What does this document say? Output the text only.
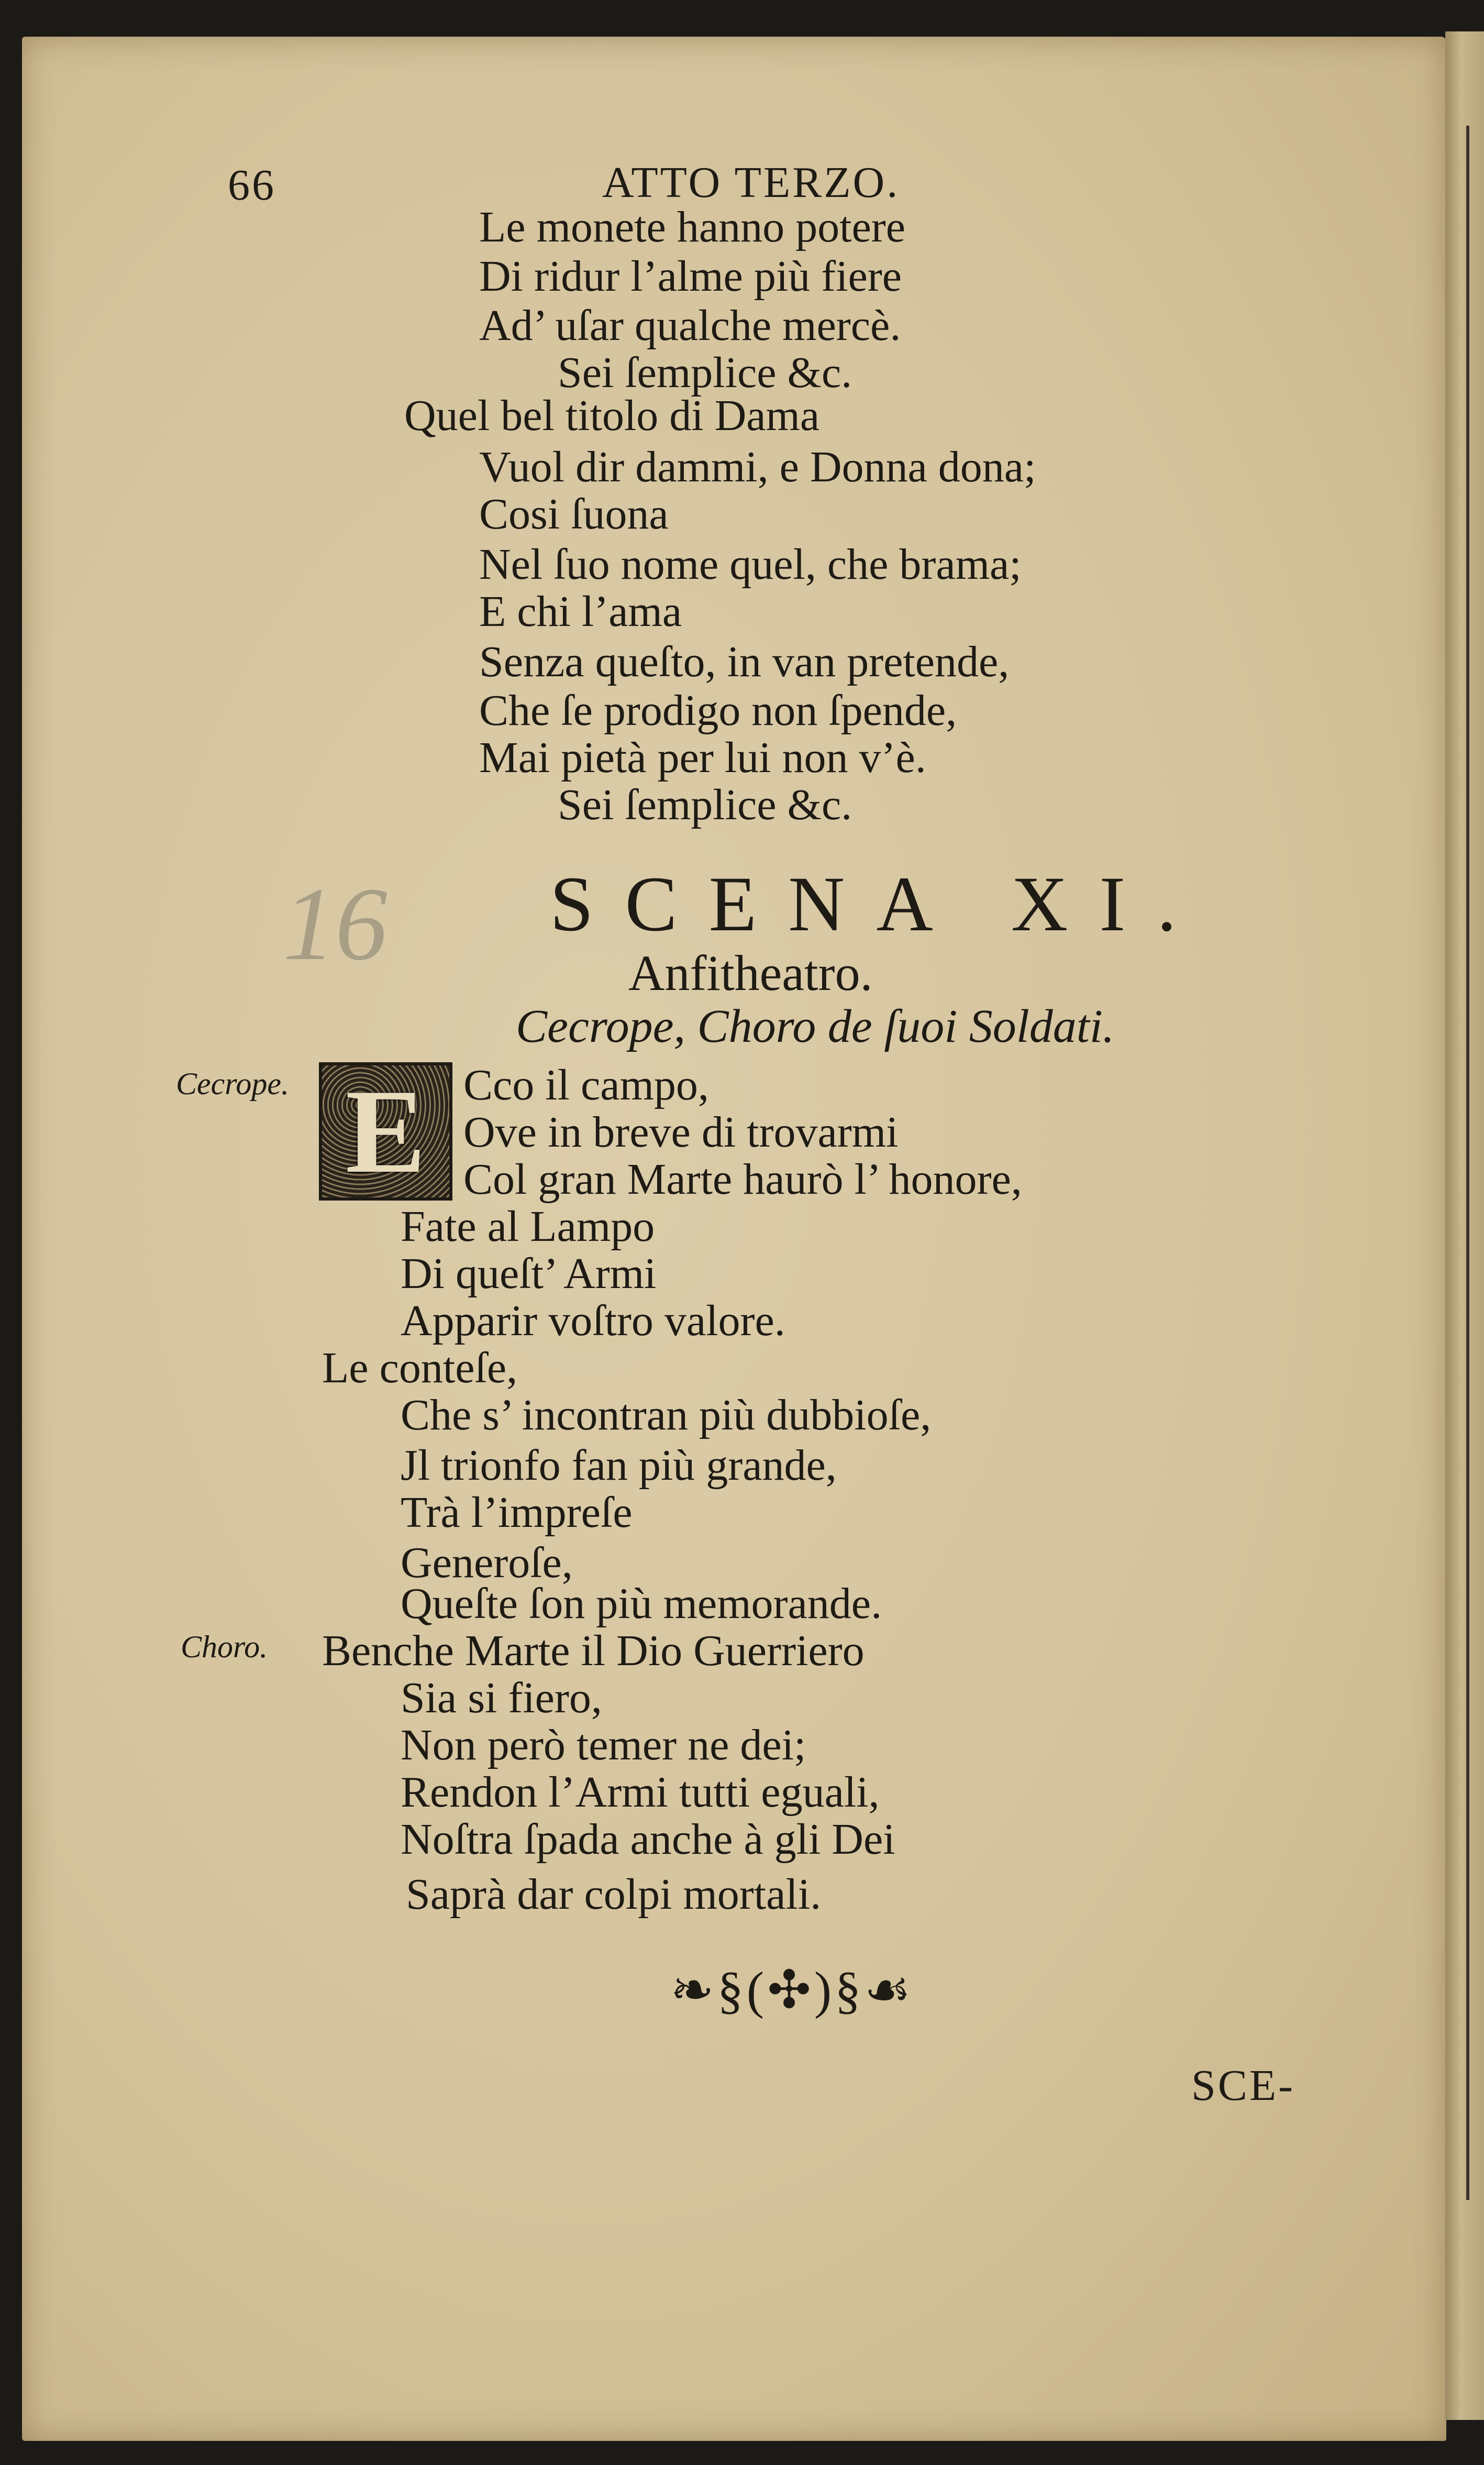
66	ATTO TERZO.
Le monete hanno potere
Di ridur l’alme più fiere
Ad’ uſar qualche mercè.
Sei ſemplice &c.
Quel bel titolo di Dama
Vuol dir dammi, e Donna dona;
Cosi ſuona
Nel ſuo nome quel, che brama;
E chi l’ama
Senza queſto, in van pretende,
Che ſe prodigo non ſpende,
Mai pietà per lui non v’è.
Sei ſemplice &c.
16 SCENA XI.
Anfitheatro.
Cecrope, Choro de ſuoi Soldati.
Cecrope. E Cco il campo,
Ove in breve di trovarmi
Col gran Marte haurò l’ honore,
Fate al Lampo
Di queſt’ Armi
Apparir voſtro valore.
Le conteſe,
Che s’ incontran più dubbioſe,
Jl trionfo fan più grande,
Trà l’impreſe
Generoſe,
Queſte ſon più memorande.
Choro. Benche Marte il Dio Guerriero
Sia si fiero,
Non però temer ne dei;
Rendon l’Armi tutti eguali,
Noſtra ſpada anche à gli Dei
Saprà dar colpi mortali.
❧§(✣)§☙
SCE-
